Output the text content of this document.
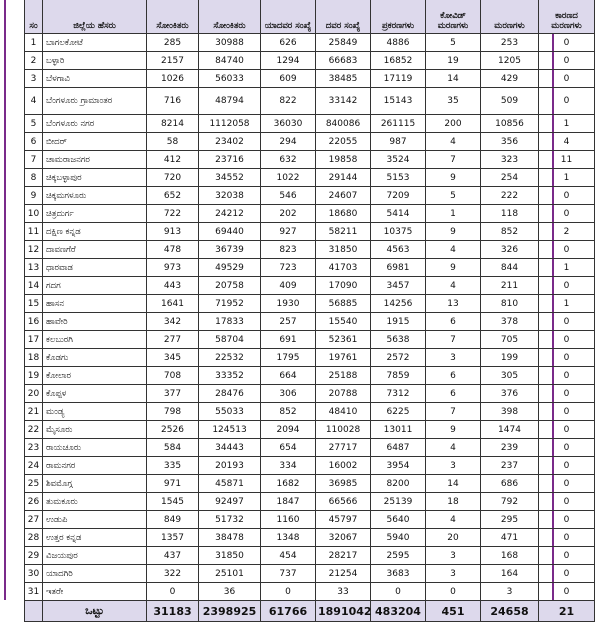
ಸಂ	ಜಿಲ್ಲೆಯ ಹೆಸರು	ಸೋಂಕಿತರು	ಸೋಂಕಿತರು	ಯಾದವರ ಸಂಖ್ಯೆ	ದವರ ಸಂಖ್ಯೆ	ಪ್ರಕರಣಗಳು	ಕೋವಿಡ್ ಮರಣಗಳು	ಮರಣಗಳು	ಕಾರಣದ ಮರಣಗಳು
1	ಬಾಗಲಕೋಟೆ	285	30988	626	25849	4886	5	253	0
2	ಬಳ್ಳಾರಿ	2157	84740	1294	66683	16852	19	1205	0
3	ಬೆಳಗಾವಿ	1026	56033	609	38485	17119	14	429	0
4	ಬೆಂಗಳೂರು ಗ್ರಾಮಾಂತರ	716	48794	822	33142	15143	35	509	0
5	ಬೆಂಗಳೂರು ನಗರ	8214	1112058	36030	840086	261115	200	10856	1
6	ಬೀದರ್	58	23402	294	22055	987	4	356	4
7	ಚಾಮರಾಜನಗರ	412	23716	632	19858	3524	7	323	11
8	ಚಿಕ್ಕಬಳ್ಳಾಪುರ	720	34552	1022	29144	5153	9	254	1
9	ಚಿಕ್ಕಮಗಳೂರು	652	32038	546	24607	7209	5	222	0
10	ಚಿತ್ರದುರ್ಗ	722	24212	202	18680	5414	1	118	0
11	ದಕ್ಷಿಣ ಕನ್ನಡ	913	69440	927	58211	10375	9	852	2
12	ದಾವಣಗೆರೆ	478	36739	823	31850	4563	4	326	0
13	ಧಾರವಾಡ	973	49529	723	41703	6981	9	844	1
14	ಗದಗ	443	20758	409	17090	3457	4	211	0
15	ಹಾಸನ	1641	71952	1930	56885	14256	13	810	1
16	ಹಾವೇರಿ	342	17833	257	15540	1915	6	378	0
17	ಕಲಬುರಗಿ	277	58704	691	52361	5638	7	705	0
18	ಕೊಡಗು	345	22532	1795	19761	2572	3	199	0
19	ಕೋಲಾರ	708	33352	664	25188	7859	6	305	0
20	ಕೊಪ್ಪಳ	377	28476	306	20788	7312	6	376	0
21	ಮಂಡ್ಯ	798	55033	852	48410	6225	7	398	0
22	ಮೈಸೂರು	2526	124513	2094	110028	13011	9	1474	0
23	ರಾಯಚೂರು	584	34443	654	27717	6487	4	239	0
24	ರಾಮನಗರ	335	20193	334	16002	3954	3	237	0
25	ಶಿವಮೊಗ್ಗ	971	45871	1682	36985	8200	14	686	0
26	ತುಮಕೂರು	1545	92497	1847	66566	25139	18	792	0
27	ಉಡುಪಿ	849	51732	1160	45797	5640	4	295	0
28	ಉತ್ತರ ಕನ್ನಡ	1357	38478	1348	32067	5940	20	471	0
29	ವಿಜಯಪುರ	437	31850	454	28217	2595	3	168	0
30	ಯಾದಗಿರಿ	322	25101	737	21254	3683	3	164	0
31	ಇತರೇ	0	36	0	33	0	0	3	0
	ಒಟ್ಟು	31183	2398925	61766	1891042	483204	451	24658	21
